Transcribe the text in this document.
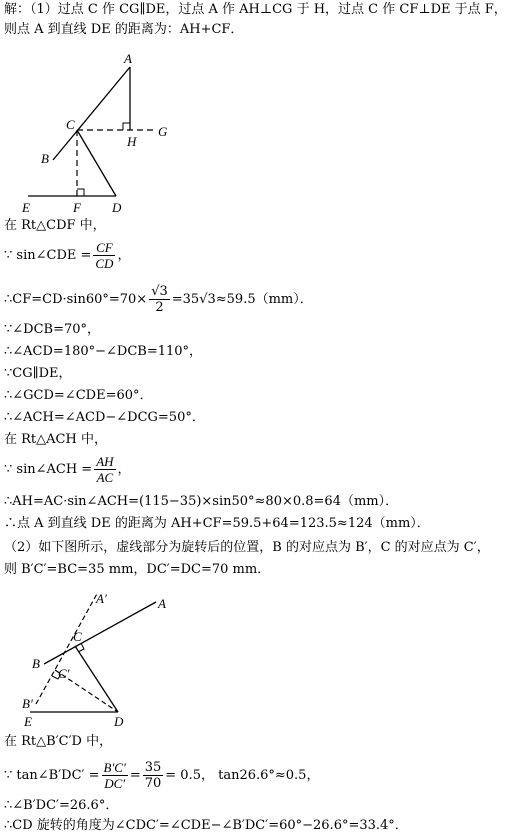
解：（1）过点 C 作 CG∥DE，过点 A 作 AH⊥CG 于 H，过点 C 作 CF⊥DE 于点 F，
则点 A 到直线 DE 的距离为：AH+CF．
A
C	G
H
B
E	F D
在 Rt△CDF 中，
∵ sin∠CDE = $\frac{CF}{CD}$ ，
∴CF=CD·sin60°=70× $\frac{√3}{2} =35√3\approx 59.5(mm)$．
∵∠DCB=70°，
∴∠ACD=180°−∠DCB=110°，
∵CG∥DE，
∴∠GCD=∠CDE=60°．
∴∠ACH=∠ACD−∠DCG=50°．
在 Rt△ACH 中，
∵ sin∠ACH = $\frac{AH}{AC}$ ，
∴AH=AC·sin∠ACH=(115−35)×sin50°≈80×0.8=64（mm）．
∴点 A 到直线 DE 的距离为 AH+CF=59.5+64=123.5≈124（mm）．
（2）如下图所示，虚线部分为旋转后的位置，B 的对应点为 B′，C 的对应点为 C′，
则 B′C′=BC=35 mm，DC′=DC=70 mm．
A′	A
C
C′
B
B′
E	D
在 Rt△B′C′D 中，
∵ tan∠B′DC′ = $\frac{B'C'}{DC'} = \frac{35}{70} = 0.5$， tan26.6°≈0.5，
∴∠B′DC′=26.6°．
∴CD 旋转的角度为∠CDC′=∠CDE−∠B′DC′=60°−26.6°=33.4°．
